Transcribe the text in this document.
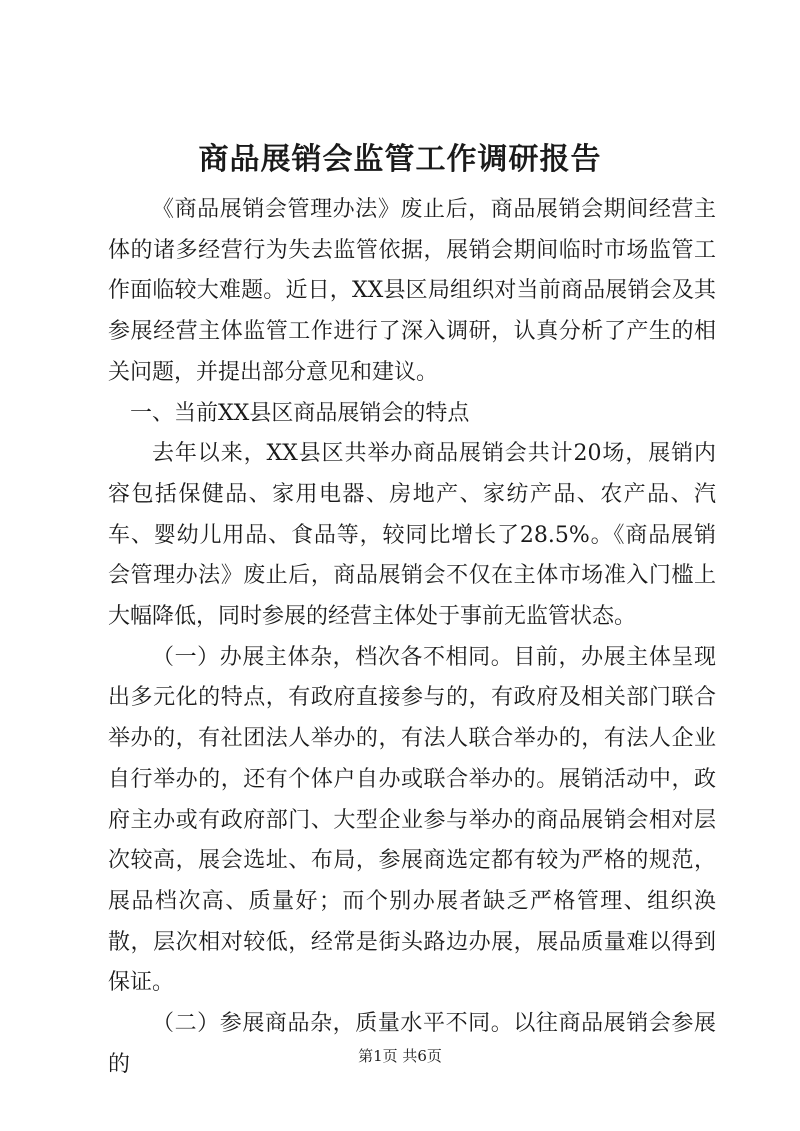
商品展销会监管工作调研报告

《商品展销会管理办法》废止后，商品展销会期间经营主体的诸多经营行为失去监管依据，展销会期间临时市场监管工作面临较大难题。近日，XX县区局组织对当前商品展销会及其参展经营主体监管工作进行了深入调研，认真分析了产生的相关问题，并提出部分意见和建议。

一、当前XX县区商品展销会的特点

去年以来，XX县区共举办商品展销会共计20场，展销内容包括保健品、家用电器、房地产、家纺产品、农产品、汽车、婴幼儿用品、食品等，较同比增长了28.5%。《商品展销会管理办法》废止后，商品展销会不仅在主体市场准入门槛上大幅降低，同时参展的经营主体处于事前无监管状态。

（一）办展主体杂，档次各不相同。目前，办展主体呈现出多元化的特点，有政府直接参与的，有政府及相关部门联合举办的，有社团法人举办的，有法人联合举办的，有法人企业自行举办的，还有个体户自办或联合举办的。展销活动中，政府主办或有政府部门、大型企业参与举办的商品展销会相对层次较高，展会选址、布局，参展商选定都有较为严格的规范，展品档次高、质量好；而个别办展者缺乏严格管理、组织涣散，层次相对较低，经常是街头路边办展，展品质量难以得到保证。

（二）参展商品杂，质量水平不同。以往商品展销会参展的	第1页 共6页
